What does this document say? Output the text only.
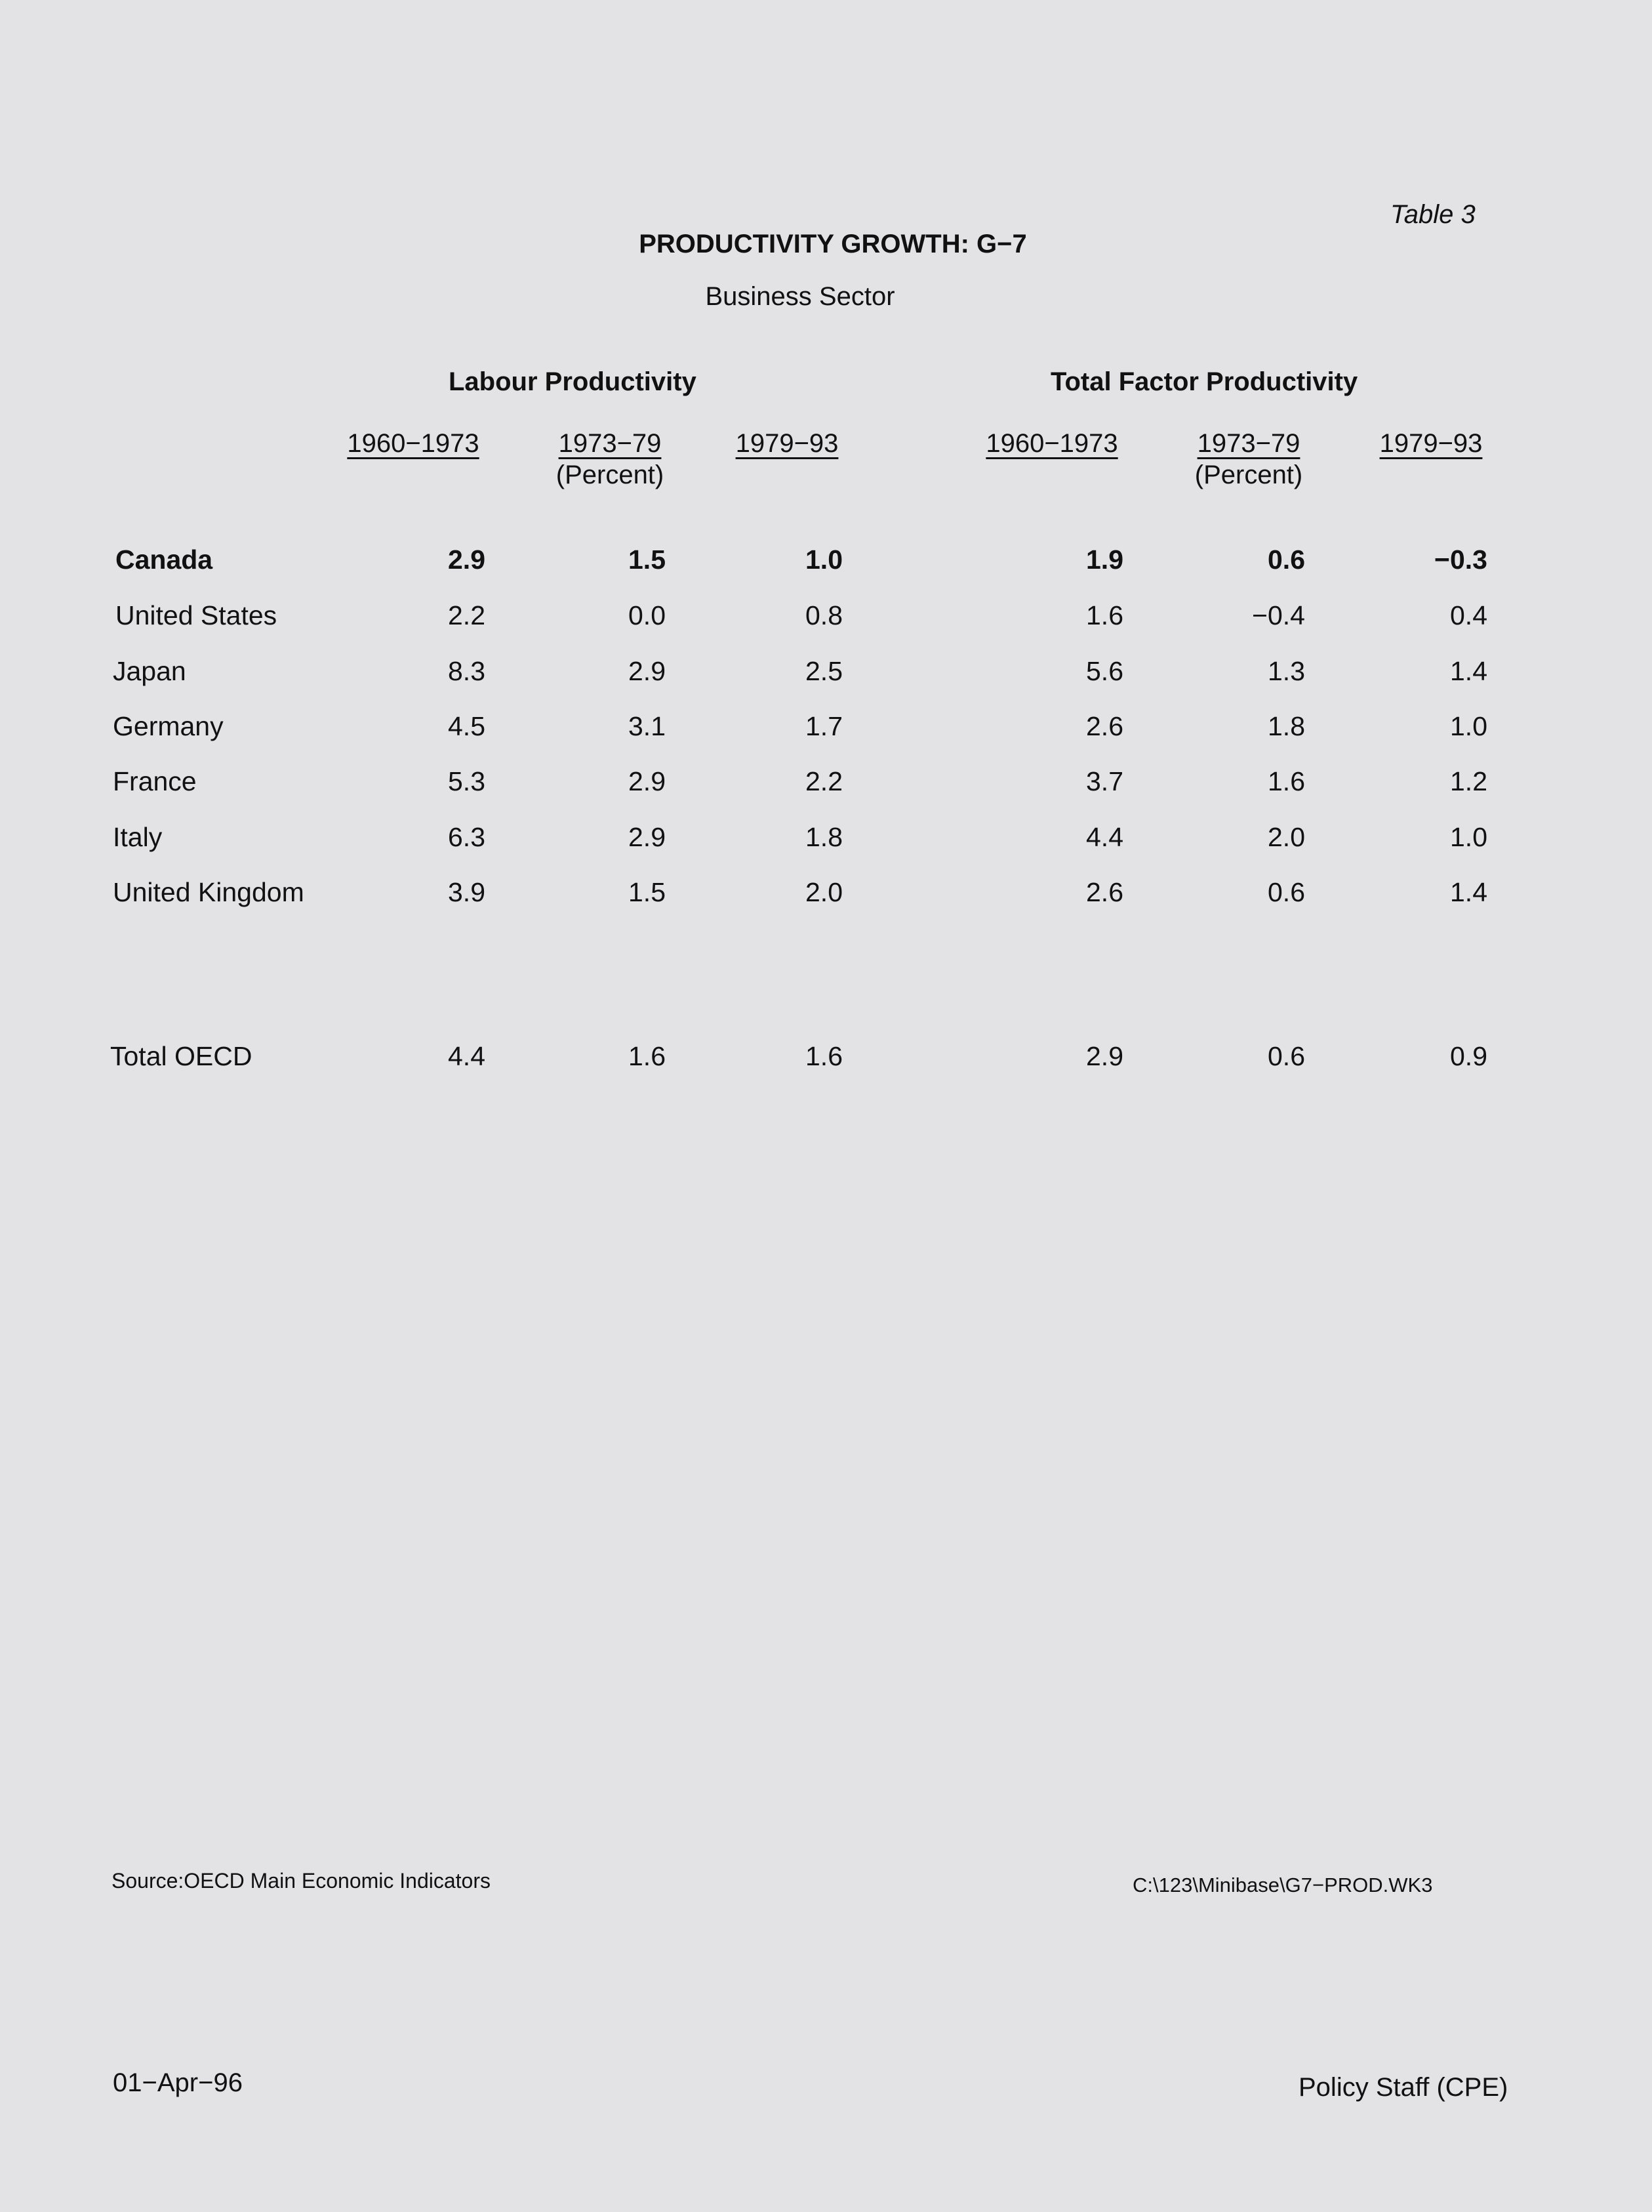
Table 3
PRODUCTIVITY GROWTH: G−7
Business Sector
Labour Productivity	Total Factor Productivity
1960−1973	1973−79	1979−93
(Percent)
1960−1973	1973−79	1979−93
(Percent)
Canada	2.9	1.5	1.0	1.9	0.6	−0.3
United States	2.2	0.0	0.8	1.6	−0.4	0.4
Japan	8.3	2.9	2.5	5.6	1.3	1.4
Germany	4.5	3.1	1.7	2.6	1.8	1.0
France	5.3	2.9	2.2	3.7	1.6	1.2
Italy	6.3	2.9	1.8	4.4	2.0	1.0
United Kingdom	3.9	1.5	2.0	2.6	0.6	1.4
Total OECD	4.4	1.6	1.6	2.9	0.6	0.9
Source:OECD Main Economic Indicators	C:\123\Minibase\G7−PROD.WK3
01−Apr−96	Policy Staff (CPE)
